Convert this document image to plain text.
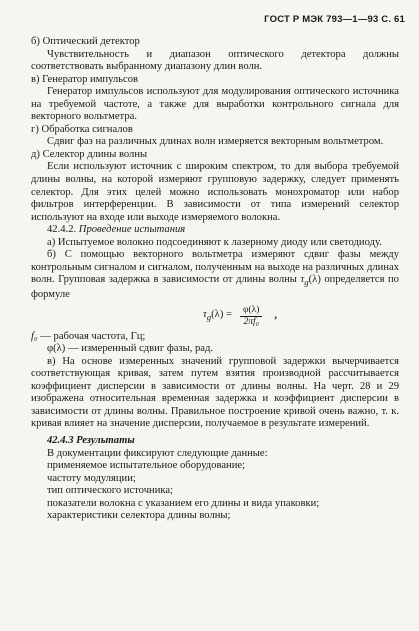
ГОСТ Р МЭК 793—1—93 С. 61

б) Оптический детектор

Чувствительность и диапазон оптического детектора должны соответствовать выбранному диапазону длин волн.

в) Генератор импульсов

Генератор импульсов используют для модулирования оптического источника на требуемой частоте, а также для выработки контрольного сигнала для векторного вольтметра.

г) Обработка сигналов

Сдвиг фаз на различных длинах волн измеряется векторным вольтметром.

д) Селектор длины волны

Если используют источник с широким спектром, то для выбора требуемой длины волны, на которой измеряют групповую задержку, следует применять селектор. Для этих целей можно использовать монохроматор или набор фильтров интерференции. В зависимости от типа измерений селектор используют на входе или выходе измеряемого волокна.

42.4.2. Проведение испытания

а) Испытуемое волокно подсоединяют к лазерному диоду или светодиоду.

б) С помощью векторного вольтметра измеряют сдвиг фазы между контрольным сигналом и сигналом, полученным на выходе на различных длинах волн. Групповая задержка в зависимости от длины волны $\tau_g(\lambda)$ определяется по формуле

$\tau_g(\lambda) = \frac{\varphi(\lambda)}{\text{2πf₀}}$ ,

f₀ — рабочая частота, Гц;

φ(λ) — измеренный сдвиг фазы, рад.

в) На основе измеренных значений групповой задержки вычерчивается соответствующая кривая, затем путем взятия производной рассчитывается коэффициент дисперсии в зависимости от длины волны. На черт. 28 и 29 изображена относительная временная задержка и коэффициент дисперсии в зависимости от длины волны. Правильное построение кривой очень важно, т. к. кривая влияет на значение дисперсии, получаемое в результате измерений.

42.4.3 Результаты

В документации фиксируют следующие данные:

применяемое испытательное оборудование;

частоту модуляции;

тип оптического источника;

показатели волокна с указанием его длины и вида упаковки;

характеристики селектора длины волны;
